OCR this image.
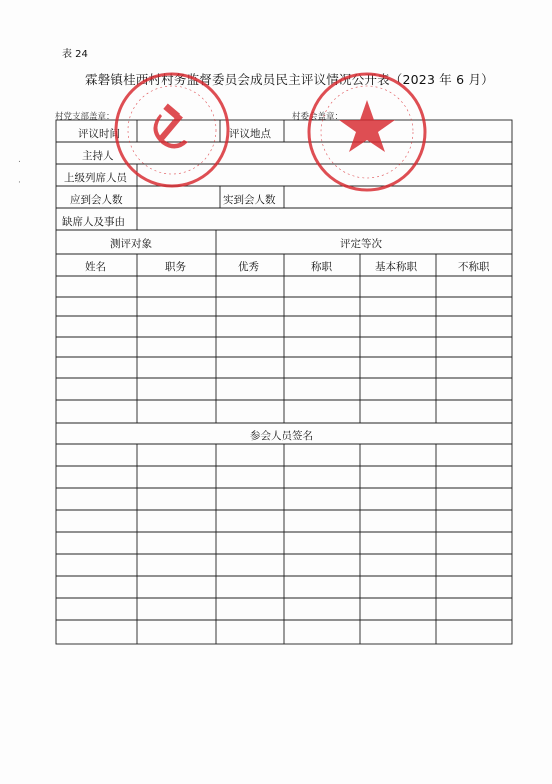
表 24
霖磐镇桂西村村务监督委员会成员民主评议情况公开表（2023 年 6 月）
村党支部盖章：	村委会盖章：
.
·
评议时间	评议地点
主持人
上级列席人员
应到会人数	实到会人数
缺席人及事由
测评对象	评定等次
姓名	职务	优秀	称职	基本称职	不称职
参会人员签名
